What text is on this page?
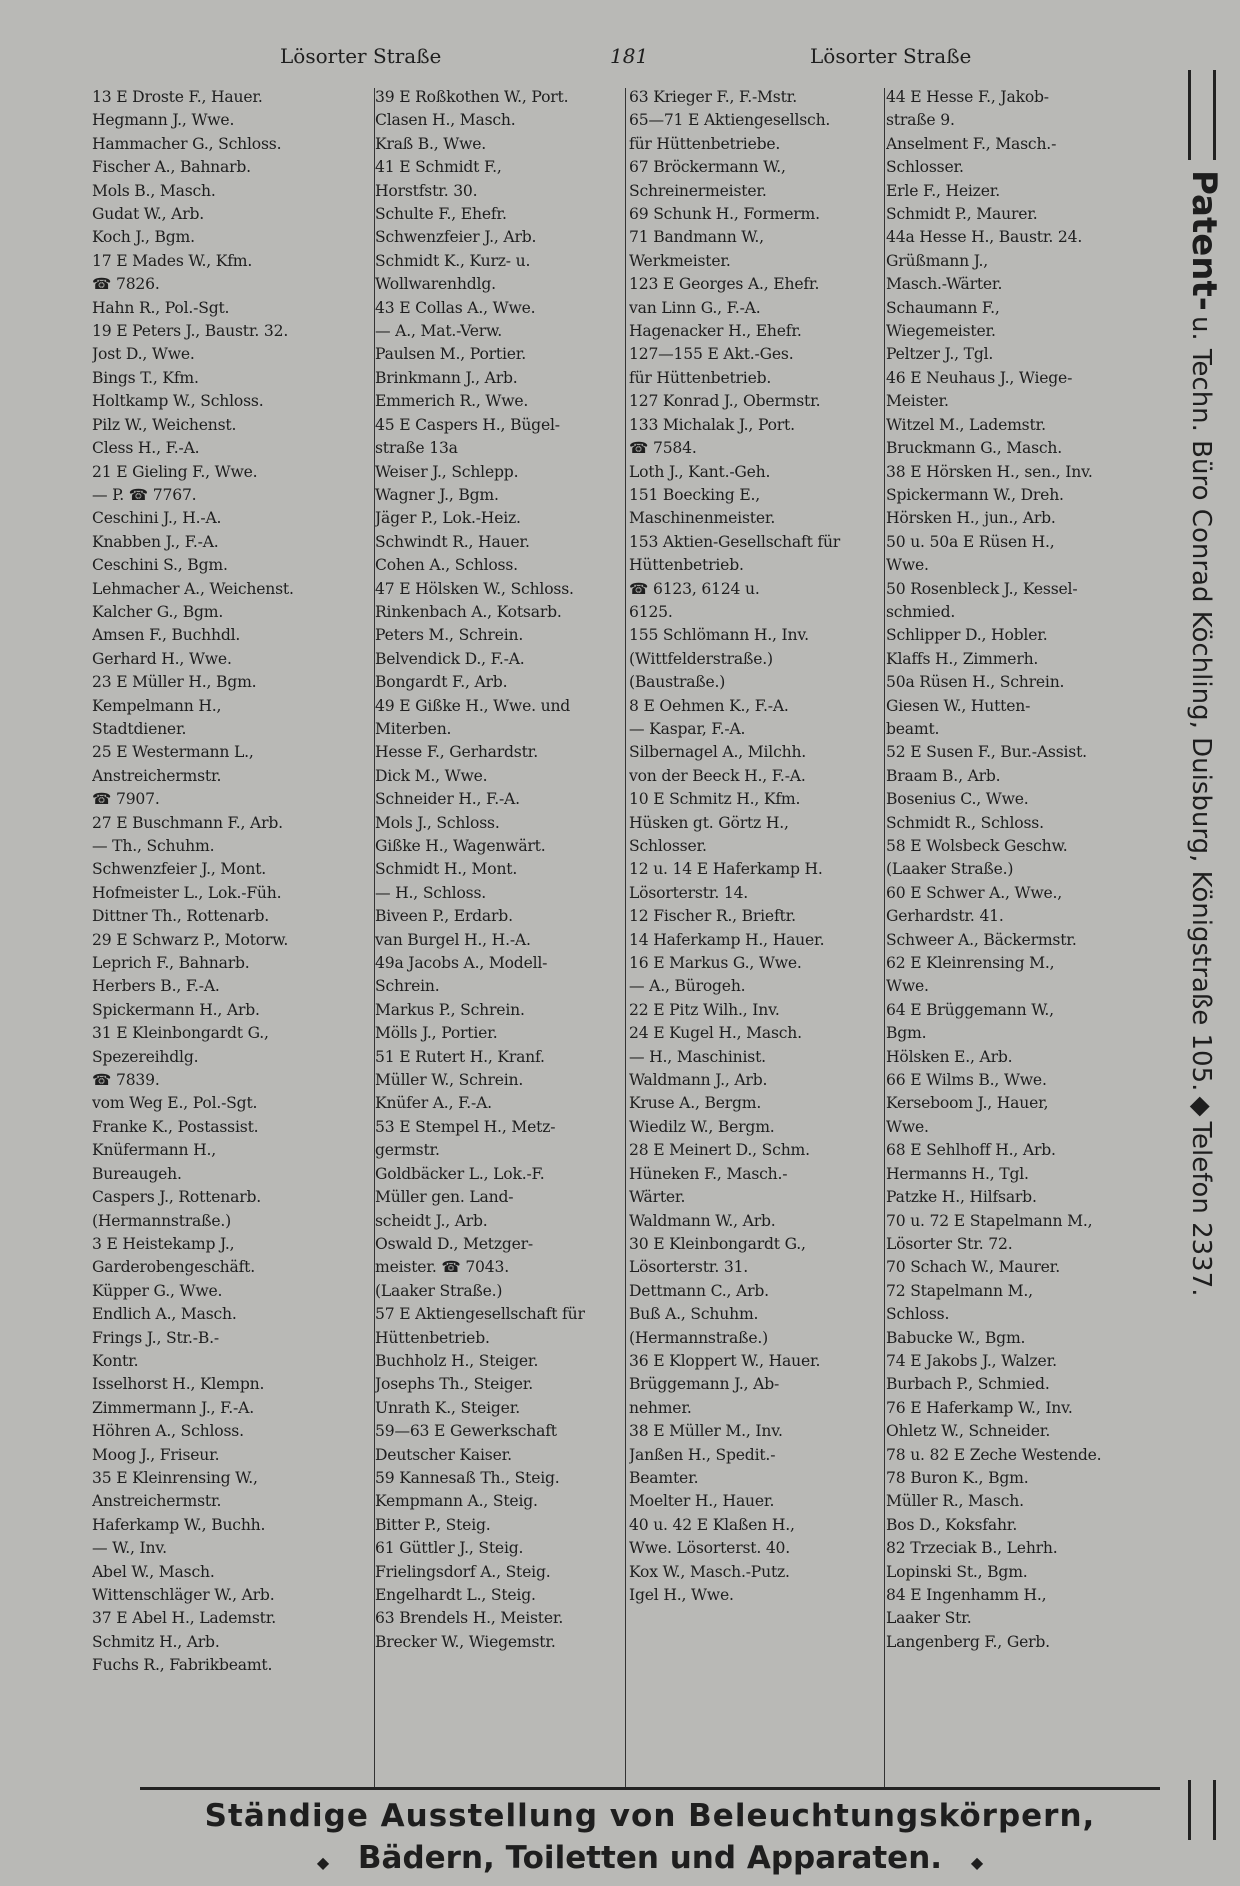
Lösorter Straße	181	Lösorter Straße
13 E Droste F., Hauer.
Hegmann J., Wwe.
Hammacher G., Schloss.
Fischer A., Bahnarb.
Mols B., Masch.
Gudat W., Arb.
Koch J., Bgm.
17 E Mades W., Kfm.
☎ 7826.
Hahn R., Pol.-Sgt.
19 E Peters J., Baustr. 32.
Jost D., Wwe.
Bings T., Kfm.
Holtkamp W., Schloss.
Pilz W., Weichenst.
Cless H., F.-A.
21 E Gieling F., Wwe.
— P. ☎ 7767.
Ceschini J., H.-A.
Knabben J., F.-A.
Ceschini S., Bgm.
Lehmacher A., Weichenst.
Kalcher G., Bgm.
Amsen F., Buchhdl.
Gerhard H., Wwe.
23 E Müller H., Bgm.
Kempelmann H.,
Stadtdiener.
25 E Westermann L.,
Anstreichermstr.
☎ 7907.
27 E Buschmann F., Arb.
— Th., Schuhm.
Schwenzfeier J., Mont.
Hofmeister L., Lok.-Füh.
Dittner Th., Rottenarb.
29 E Schwarz P., Motorw.
Leprich F., Bahnarb.
Herbers B., F.-A.
Spickermann H., Arb.
31 E Kleinbongardt G.,
Spezereihdlg.
☎ 7839.
vom Weg E., Pol.-Sgt.
Franke K., Postassist.
Knüfermann H.,
Bureaugeh.
Caspers J., Rottenarb.
(Hermannstraße.)
3 E Heistekamp J.,
Garderobengeschäft.
Küpper G., Wwe.
Endlich A., Masch.
Frings J., Str.-B.-
Kontr.
Isselhorst H., Klempn.
Zimmermann J., F.-A.
Höhren A., Schloss.
Moog J., Friseur.
35 E Kleinrensing W.,
Anstreichermstr.
Haferkamp W., Buchh.
— W., Inv.
Abel W., Masch.
Wittenschläger W., Arb.
37 E Abel H., Lademstr.
Schmitz H., Arb.
Fuchs R., Fabrikbeamt.
39 E Roßkothen W., Port.
Clasen H., Masch.
Kraß B., Wwe.
41 E Schmidt F.,
Horstfstr. 30.
Schulte F., Ehefr.
Schwenzfeier J., Arb.
Schmidt K., Kurz- u.
Wollwarenhdlg.
43 E Collas A., Wwe.
— A., Mat.-Verw.
Paulsen M., Portier.
Brinkmann J., Arb.
Emmerich R., Wwe.
45 E Caspers H., Bügel-
straße 13a
Weiser J., Schlepp.
Wagner J., Bgm.
Jäger P., Lok.-Heiz.
Schwindt R., Hauer.
Cohen A., Schloss.
47 E Hölsken W., Schloss.
Rinkenbach A., Kotsarb.
Peters M., Schrein.
Belvendick D., F.-A.
Bongardt F., Arb.
49 E Gißke H., Wwe. und
Miterben.
Hesse F., Gerhardstr.
Dick M., Wwe.
Schneider H., F.-A.
Mols J., Schloss.
Gißke H., Wagenwärt.
Schmidt H., Mont.
— H., Schloss.
Biveen P., Erdarb.
van Burgel H., H.-A.
49a Jacobs A., Modell-
Schrein.
Markus P., Schrein.
Mölls J., Portier.
51 E Rutert H., Kranf.
Müller W., Schrein.
Knüfer A., F.-A.
53 E Stempel H., Metz-
germstr.
Goldbäcker L., Lok.-F.
Müller gen. Land-
scheidt J., Arb.
Oswald D., Metzger-
meister. ☎ 7043.
(Laaker Straße.)
57 E Aktiengesellschaft für
Hüttenbetrieb.
Buchholz H., Steiger.
Josephs Th., Steiger.
Unrath K., Steiger.
59—63 E Gewerkschaft
Deutscher Kaiser.
59 Kannesaß Th., Steig.
Kempmann A., Steig.
Bitter P., Steig.
61 Güttler J., Steig.
Frielingsdorf A., Steig.
Engelhardt L., Steig.
63 Brendels H., Meister.
Brecker W., Wiegemstr.
63 Krieger F., F.-Mstr.
65—71 E Aktiengesellsch.
für Hüttenbetriebe.
67 Bröckermann W.,
Schreinermeister.
69 Schunk H., Formerm.
71 Bandmann W.,
Werkmeister.
123 E Georges A., Ehefr.
van Linn G., F.-A.
Hagenacker H., Ehefr.
127—155 E Akt.-Ges.
für Hüttenbetrieb.
127 Konrad J., Obermstr.
133 Michalak J., Port.
☎ 7584.
Loth J., Kant.-Geh.
151 Boecking E.,
Maschinenmeister.
153 Aktien-Gesellschaft für
Hüttenbetrieb.
☎ 6123, 6124 u.
6125.
155 Schlömann H., Inv.
(Wittfelderstraße.)
(Baustraße.)
8 E Oehmen K., F.-A.
— Kaspar, F.-A.
Silbernagel A., Milchh.
von der Beeck H., F.-A.
10 E Schmitz H., Kfm.
Hüsken gt. Görtz H.,
Schlosser.
12 u. 14 E Haferkamp H.
Lösorterstr. 14.
12 Fischer R., Brieftr.
14 Haferkamp H., Hauer.
16 E Markus G., Wwe.
— A., Bürogeh.
22 E Pitz Wilh., Inv.
24 E Kugel H., Masch.
— H., Maschinist.
Waldmann J., Arb.
Kruse A., Bergm.
Wiedilz W., Bergm.
28 E Meinert D., Schm.
Hüneken F., Masch.-
Wärter.
Waldmann W., Arb.
30 E Kleinbongardt G.,
Lösorterstr. 31.
Dettmann C., Arb.
Buß A., Schuhm.
(Hermannstraße.)
36 E Kloppert W., Hauer.
Brüggemann J., Ab-
nehmer.
38 E Müller M., Inv.
Janßen H., Spedit.-
Beamter.
Moelter H., Hauer.
40 u. 42 E Klaßen H.,
Wwe. Lösorterst. 40.
Kox W., Masch.-Putz.
Igel H., Wwe.
44 E Hesse F., Jakob-
straße 9.
Anselment F., Masch.-
Schlosser.
Erle F., Heizer.
Schmidt P., Maurer.
44a Hesse H., Baustr. 24.
Grüßmann J.,
Masch.-Wärter.
Schaumann F.,
Wiegemeister.
Peltzer J., Tgl.
46 E Neuhaus J., Wiege-
Meister.
Witzel M., Lademstr.
Bruckmann G., Masch.
38 E Hörsken H., sen., Inv.
Spickermann W., Dreh.
Hörsken H., jun., Arb.
50 u. 50a E Rüsen H.,
Wwe.
50 Rosenbleck J., Kessel-
schmied.
Schlipper D., Hobler.
Klaffs H., Zimmerh.
50a Rüsen H., Schrein.
Giesen W., Hutten-
beamt.
52 E Susen F., Bur.-Assist.
Braam B., Arb.
Bosenius C., Wwe.
Schmidt R., Schloss.
58 E Wolsbeck Geschw.
(Laaker Straße.)
60 E Schwer A., Wwe.,
Gerhardstr. 41.
Schweer A., Bäckermstr.
62 E Kleinrensing M.,
Wwe.
64 E Brüggemann W.,
Bgm.
Hölsken E., Arb.
66 E Wilms B., Wwe.
Kerseboom J., Hauer,
Wwe.
68 E Sehlhoff H., Arb.
Hermanns H., Tgl.
Patzke H., Hilfsarb.
70 u. 72 E Stapelmann M.,
Lösorter Str. 72.
70 Schach W., Maurer.
72 Stapelmann M.,
Schloss.
Babucke W., Bgm.
74 E Jakobs J., Walzer.
Burbach P., Schmied.
76 E Haferkamp W., Inv.
Ohletz W., Schneider.
78 u. 82 E Zeche Westende.
78 Buron K., Bgm.
Müller R., Masch.
Bos D., Koksfahr.
82 Trzeciak B., Lehrh.
Lopinski St., Bgm.
84 E Ingenhamm H.,
Laaker Str.
Langenberg F., Gerb.
Patent- u. Techn. Büro Conrad Köchling, Duisburg, Königstraße 105. ◆ Telefon 2337.
Ständige Ausstellung von Beleuchtungskörpern,
◆ Bädern, Toiletten und Apparaten. ◆
